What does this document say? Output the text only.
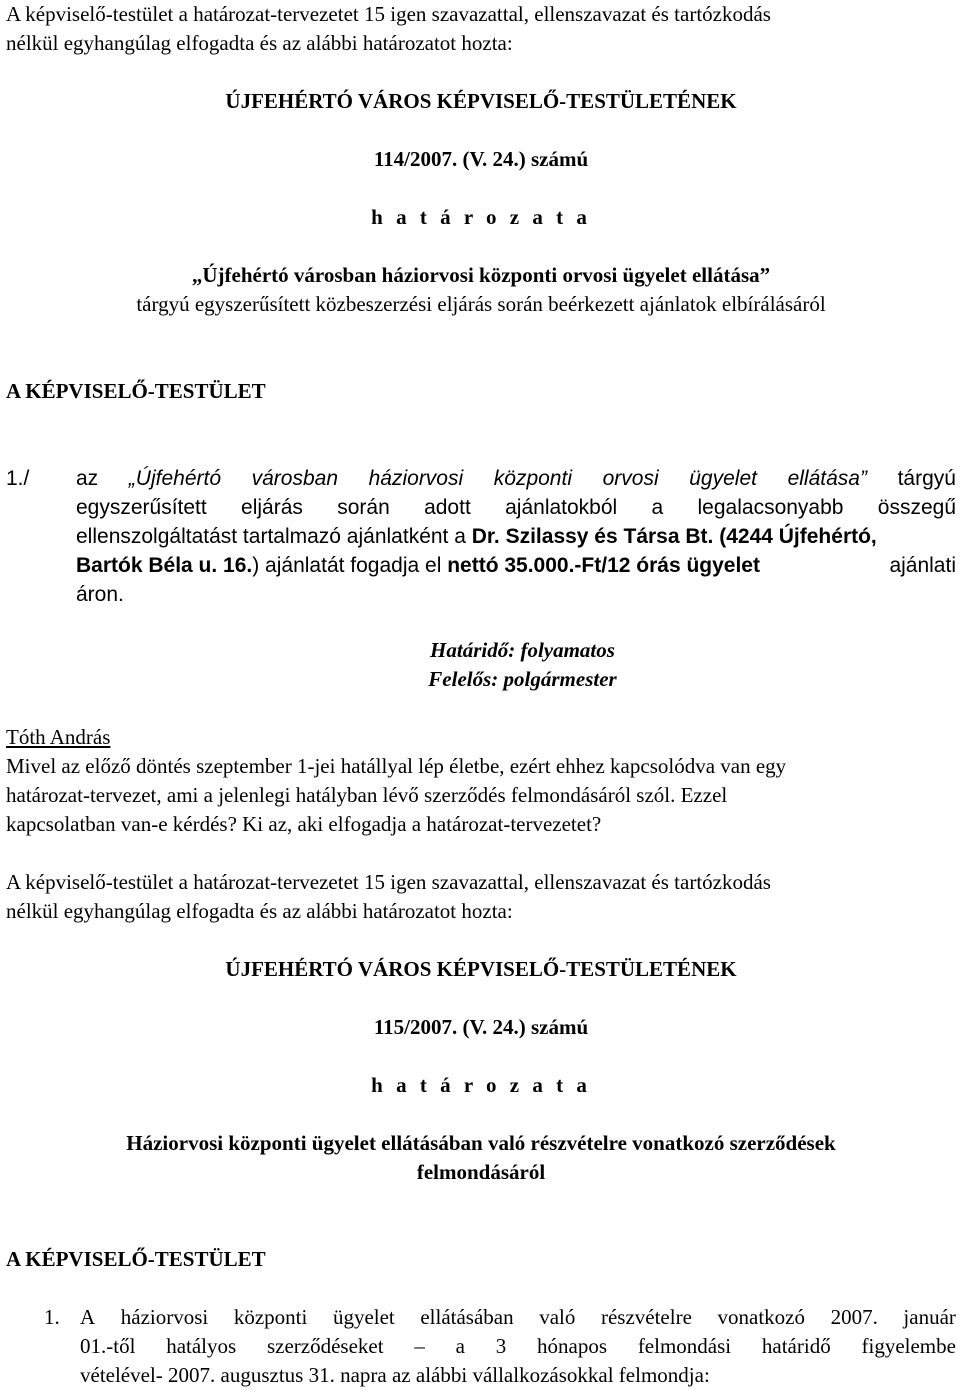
A képviselő-testület a határozat-tervezetet 15 igen szavazattal, ellenszavazat és tartózkodás
nélkül egyhangúlag elfogadta és az alábbi határozatot hozta:
ÚJFEHÉRTÓ VÁROS KÉPVISELŐ-TESTÜLETÉNEK
114/2007. (V. 24.) számú
h a t á r o z a t a
„Újfehértó városban háziorvosi központi orvosi ügyelet ellátása”
tárgyú egyszerűsített közbeszerzési eljárás során beérkezett ajánlatok elbírálásáról
A KÉPVISELŐ-TESTÜLET
1./	az „Újfehértó városban háziorvosi központi orvosi ügyelet ellátása” tárgyú
egyszerűsített eljárás során adott ajánlatokból a legalacsonyabb összegű
ellenszolgáltatást tartalmazó ajánlatként a Dr. Szilassy és Társa Bt. (4244 Újfehértó,
Bartók Béla u. 16.) ajánlatát fogadja el nettó 35.000.-Ft/12 órás ügyelet	ajánlati
áron.
Határidő: folyamatos
Felelős: polgármester
Tóth András
Mivel az előző döntés szeptember 1-jei hatállyal lép életbe, ezért ehhez kapcsolódva van egy
határozat-tervezet, ami a jelenlegi hatályban lévő szerződés felmondásáról szól. Ezzel
kapcsolatban van-e kérdés? Ki az, aki elfogadja a határozat-tervezetet?
A képviselő-testület a határozat-tervezetet 15 igen szavazattal, ellenszavazat és tartózkodás
nélkül egyhangúlag elfogadta és az alábbi határozatot hozta:
ÚJFEHÉRTÓ VÁROS KÉPVISELŐ-TESTÜLETÉNEK
115/2007. (V. 24.) számú
h a t á r o z a t a
Háziorvosi központi ügyelet ellátásában való részvételre vonatkozó szerződések
felmondásáról
A KÉPVISELŐ-TESTÜLET
1. A háziorvosi központi ügyelet ellátásában való részvételre vonatkozó 2007. január
01.-től hatályos szerződéseket – a 3 hónapos felmondási határidő figyelembe
vételével- 2007. augusztus 31. napra az alábbi vállalkozásokkal felmondja:
